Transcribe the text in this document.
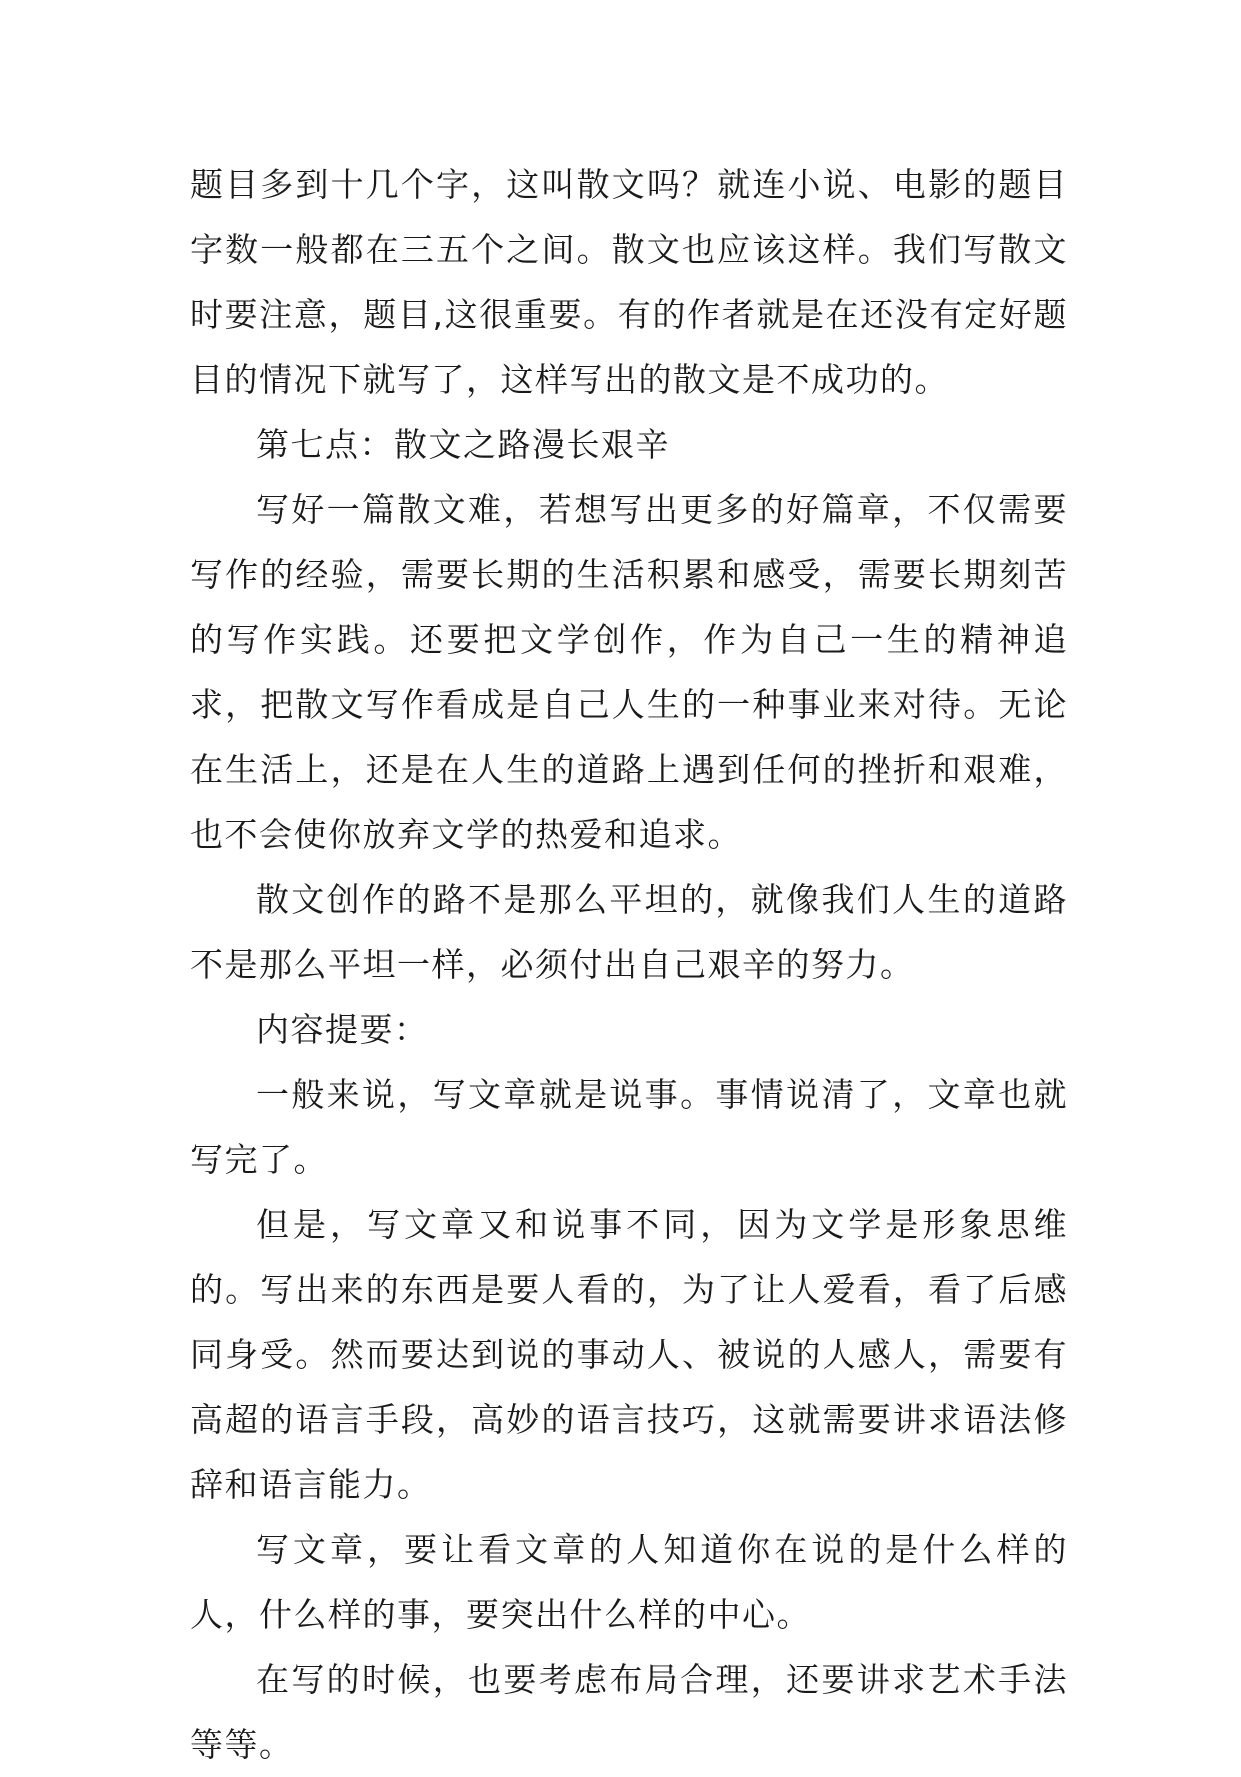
题目多到十几个字，这叫散文吗？就连小说、电影的题目字数一般都在三五个之间。散文也应该这样。我们写散文时要注意，题目,这很重要。有的作者就是在还没有定好题目的情况下就写了，这样写出的散文是不成功的。

第七点：散文之路漫长艰辛

写好一篇散文难，若想写出更多的好篇章，不仅需要写作的经验，需要长期的生活积累和感受，需要长期刻苦的写作实践。还要把文学创作，作为自己一生的精神追求，把散文写作看成是自己人生的一种事业来对待。无论在生活上，还是在人生的道路上遇到任何的挫折和艰难，也不会使你放弃文学的热爱和追求。

散文创作的路不是那么平坦的，就像我们人生的道路不是那么平坦一样，必须付出自己艰辛的努力。

内容提要：

一般来说，写文章就是说事。事情说清了，文章也就写完了。

但是，写文章又和说事不同，因为文学是形象思维的。写出来的东西是要人看的，为了让人爱看，看了后感同身受。然而要达到说的事动人、被说的人感人，需要有高超的语言手段，高妙的语言技巧，这就需要讲求语法修辞和语言能力。

写文章，要让看文章的人知道你在说的是什么样的人，什么样的事，要突出什么样的中心。

在写的时候，也要考虑布局合理，还要讲求艺术手法等等。
